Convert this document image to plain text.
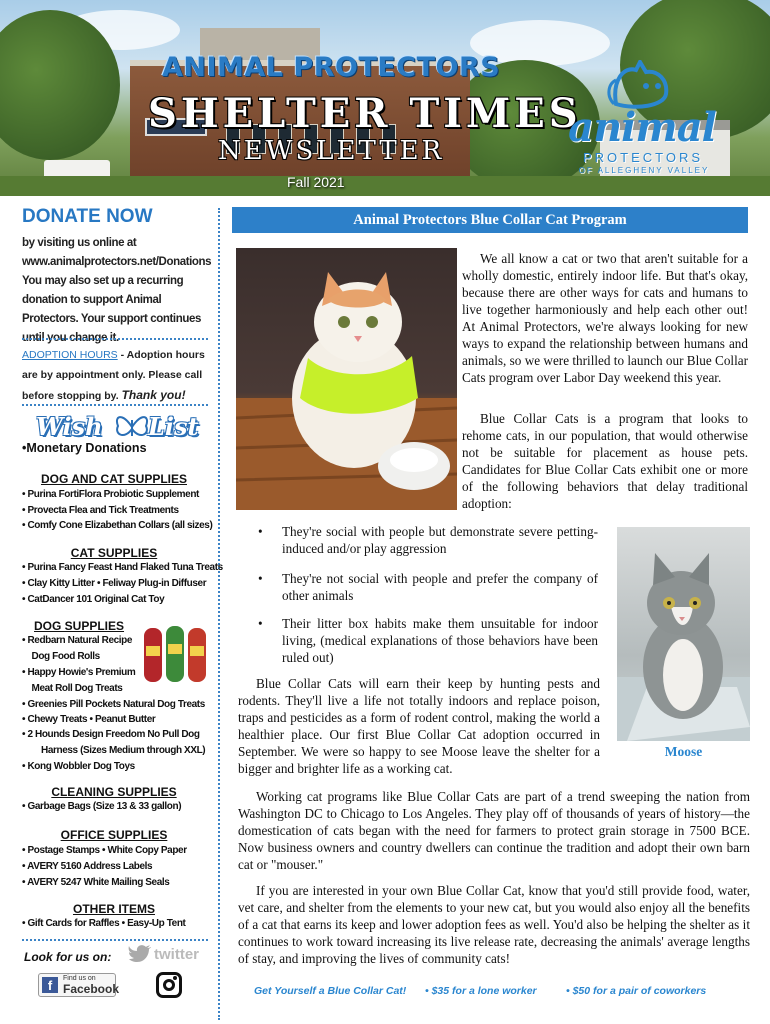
ANIMAL PROTECTORS
SHELTER TIMES
NEWSLETTER
Fall 2021
animal
PROTECTORS
OF ALLEGHENY VALLEY
DONATE NOW
by visiting us online at
www.animalprotectors.net/Donations
You may also set up a recurring
donation to support Animal
Protectors. Your support continues
until you change it.
ADOPTION HOURS - Adoption hours
are by appointment only. Please call
before stopping by. Thank you!
Wish List
•Monetary Donations
DOG AND CAT SUPPLIES
• Purina FortiFlora Probiotic Supplement
• Provecta Flea and Tick Treatments
• Comfy Cone Elizabethan Collars (all sizes)
CAT SUPPLIES
• Purina Fancy Feast Hand Flaked Tuna Treats
• Clay Kitty Litter • Feliway Plug-in Diffuser
• CatDancer 101 Original Cat Toy
DOG SUPPLIES
• Redbarn Natural Recipe
Dog Food Rolls
• Happy Howie's Premium
Meat Roll Dog Treats
• Greenies Pill Pockets Natural Dog Treats
• Chewy Treats • Peanut Butter
• 2 Hounds Design Freedom No Pull Dog
Harness (Sizes Medium through XXL)
• Kong Wobbler Dog Toys
CLEANING SUPPLIES
• Garbage Bags (Size 13 & 33 gallon)
OFFICE SUPPLIES
• Postage Stamps • White Copy Paper
• AVERY 5160 Address Labels
• AVERY 5247 White Mailing Seals
OTHER ITEMS
• Gift Cards for Raffles • Easy-Up Tent
Look for us on:	twitter
f	Find us on
Facebook
Animal Protectors Blue Collar Cat Program
We all know a cat or two that aren't suitable for a wholly domestic, entirely indoor life. But that's okay, because there are other ways for cats and humans to live together harmoniously and help each other out! At Animal Protectors, we're always looking for new ways to expand the relationship between humans and animals, so we were thrilled to launch our Blue Collar Cats program over Labor Day weekend this year.
Blue Collar Cats is a program that looks to rehome cats, in our population, that would otherwise not be suitable for placement as house pets. Candidates for Blue Collar Cats exhibit one or more of the following behaviors that delay traditional adoption:
• They're social with people but demonstrate severe petting-induced and/or play aggression
• They're not social with people and prefer the company of other animals
• Their litter box habits make them unsuitable for indoor living, (medical explanations of those behaviors have been ruled out)
Moose
Blue Collar Cats will earn their keep by hunting pests and rodents. They'll live a life not totally indoors and replace poison, traps and pesticides as a form of rodent control, making the world a healthier place. Our first Blue Collar Cat adoption occurred in September. We were so happy to see Moose leave the shelter for a bigger and brighter life as a working cat.
Working cat programs like Blue Collar Cats are part of a trend sweeping the nation from Washington DC to Chicago to Los Angeles. They play off of thousands of years of history—the domestication of cats began with the need for farmers to protect grain storage in 7500 BCE. Now business owners and country dwellers can continue the tradition and adopt their own barn cat or "mouser."
If you are interested in your own Blue Collar Cat, know that you'd still provide food, water, vet care, and shelter from the elements to your new cat, but you would also enjoy all the benefits of a cat that earns its keep and lower adoption fees as well. You'd also be helping the shelter as it continues to work toward increasing its live release rate, decreasing the animals' average lengths of stay, and improving the lives of community cats!
Get Yourself a Blue Collar Cat! • $35 for a lone worker	• $50 for a pair of coworkers
